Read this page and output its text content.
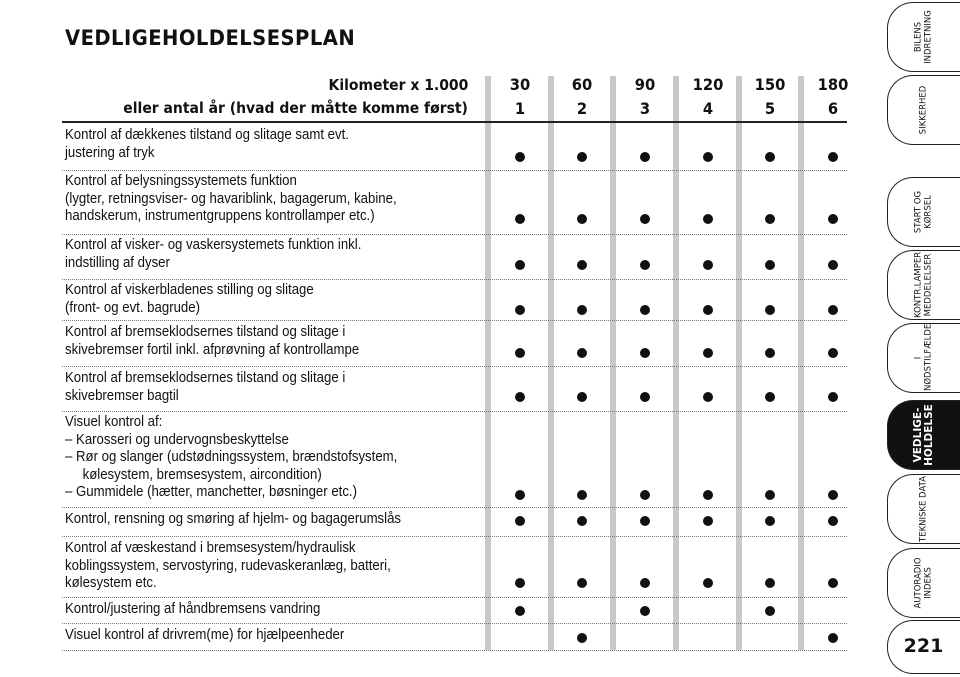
VEDLIGEHOLDELSESPLAN
Kilometer x 1.000
eller antal år (hvad der måtte komme først)
30
1
60
2
90
3
120
4
150
5
180
6
Kontrol af dækkenes tilstand og slitage samt evt.
justering af tryk
Kontrol af belysningssystemets funktion
(lygter, retningsviser- og havariblink, bagagerum, kabine,
handskerum, instrumentgruppens kontrollamper etc.)
Kontrol af visker- og vaskersystemets funktion inkl.
indstilling af dyser
Kontrol af viskerbladenes stilling og slitage
(front- og evt. bagrude)
Kontrol af bremseklodsernes tilstand og slitage i
skivebremser fortil inkl. afprøvning af kontrollampe
Kontrol af bremseklodsernes tilstand og slitage i
skivebremser bagtil
Visuel kontrol af:
– Karosseri og undervognsbeskyttelse
– Rør og slanger (udstødningssystem, brændstofsystem,
kølesystem, bremsesystem, aircondition)
– Gummidele (hætter, manchetter, bøsninger etc.)
Kontrol, rensning og smøring af hjelm- og bagagerumslås
Kontrol af væskestand i bremsesystem/hydraulisk
koblingssystem, servostyring, rudevaskeranlæg, batteri,
kølesystem etc.
Kontrol/justering af håndbremsens vandring
Visuel kontrol af drivrem(me) for hjælpeenheder
BILENS
INDRETNING
SIKKERHED
START OG
KØRSEL
KONTR.LAMPER
MEDDELELSER
I NØDSTILFÆLDE
VEDLIGE-
HOLDELSE
TEKNISKE DATA
AUTORADIO
INDEKS
221
